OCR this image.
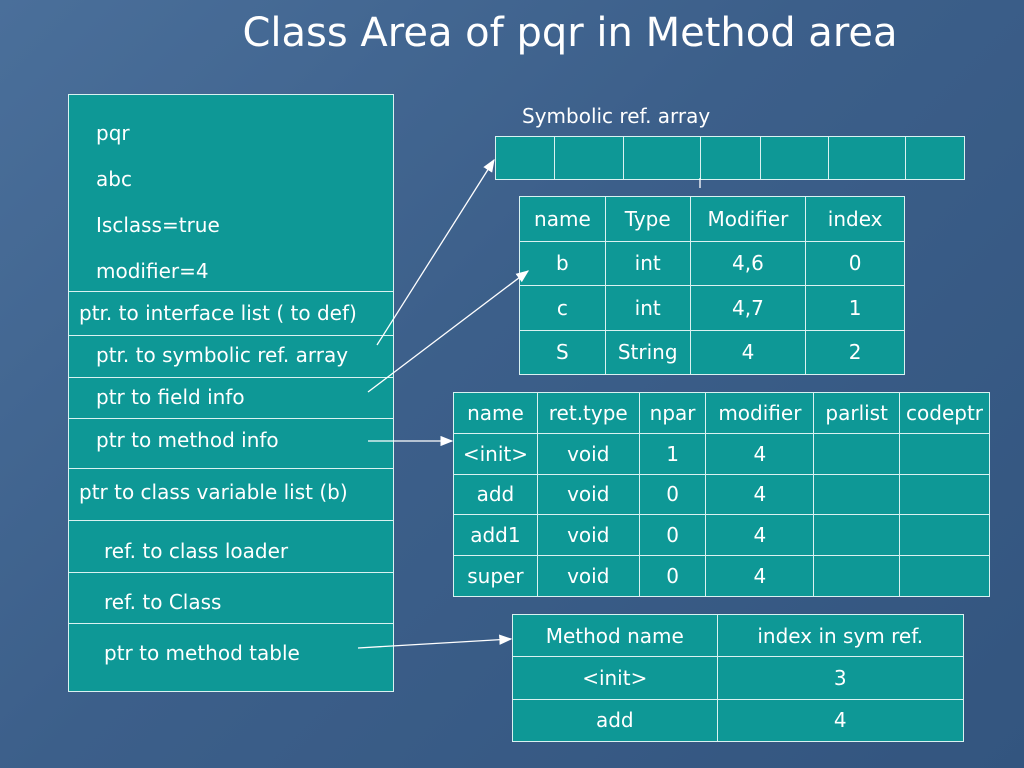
Class Area of pqr in Method area
pqr
abc
Isclass=true
modifier=4
ptr. to interface list ( to def)
ptr. to symbolic ref. array
ptr to field info
ptr to method info
ptr to class variable list (b)
ref. to class loader
ref. to Class
ptr to method table
Symbolic ref. array
name	Type	Modifier	index
b	int	4,6	0
c	int	4,7	1
S	String	4	2
name	ret.type	npar	modifier	parlist	codeptr
<init>	void	1	4		
add	void	0	4		
add1	void	0	4		
super	void	0	4		
Method name	index in sym ref.
<init>	3
add	4
